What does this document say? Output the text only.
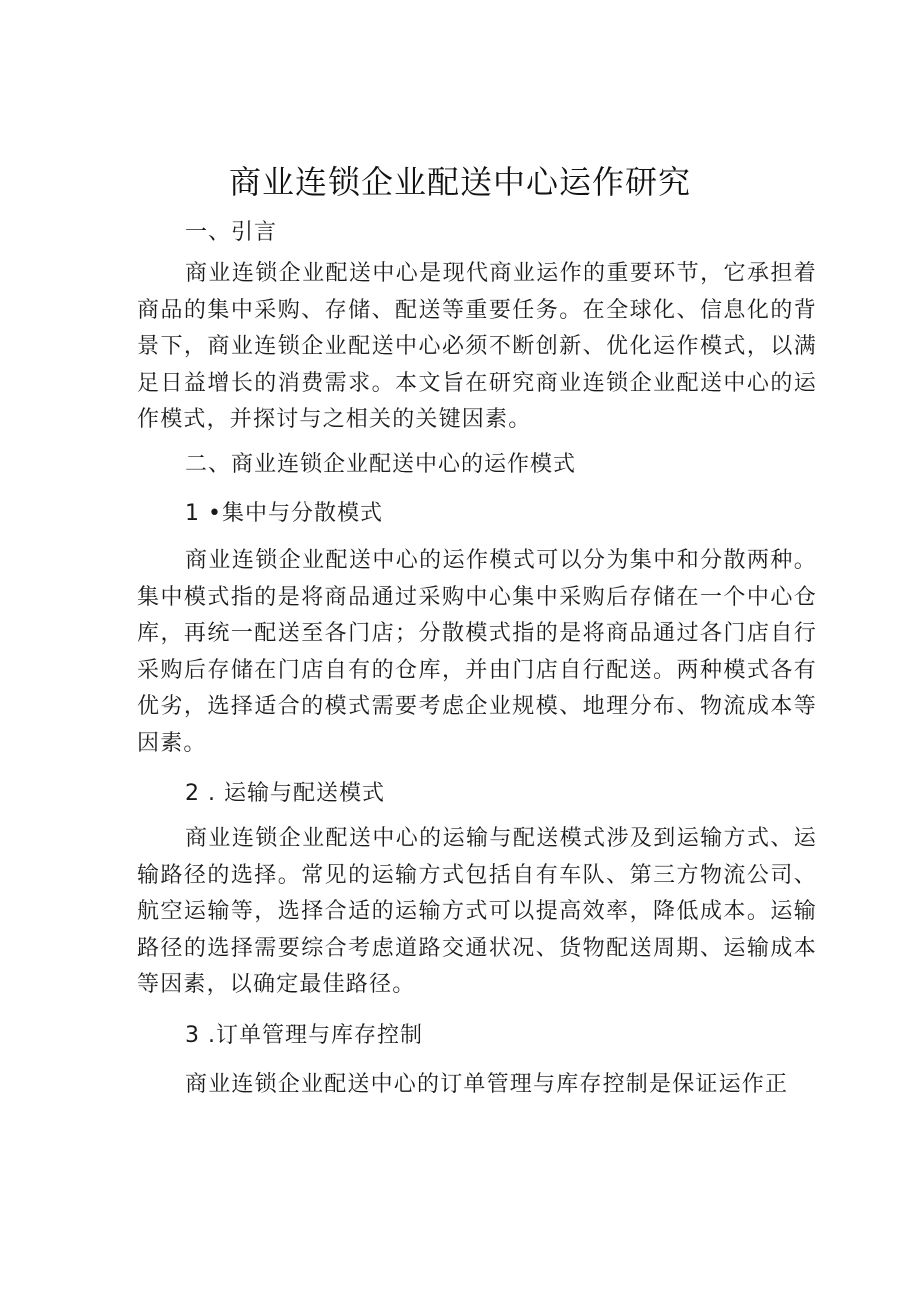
商业连锁企业配送中心运作研究
一、引言
商业连锁企业配送中心是现代商业运作的重要环节，它承担着商品的集中采购、存储、配送等重要任务。在全球化、信息化的背景下，商业连锁企业配送中心必须不断创新、优化运作模式，以满足日益增长的消费需求。本文旨在研究商业连锁企业配送中心的运作模式，并探讨与之相关的关键因素。
二、商业连锁企业配送中心的运作模式
1 •集中与分散模式
商业连锁企业配送中心的运作模式可以分为集中和分散两种。集中模式指的是将商品通过采购中心集中采购后存储在一个中心仓库，再统一配送至各门店；分散模式指的是将商品通过各门店自行采购后存储在门店自有的仓库，并由门店自行配送。两种模式各有优劣，选择适合的模式需要考虑企业规模、地理分布、物流成本等因素。
2 . 运输与配送模式
商业连锁企业配送中心的运输与配送模式涉及到运输方式、运输路径的选择。常见的运输方式包括自有车队、第三方物流公司、航空运输等，选择合适的运输方式可以提高效率，降低成本。运输路径的选择需要综合考虑道路交通状况、货物配送周期、运输成本等因素，以确定最佳路径。
3 .订单管理与库存控制
商业连锁企业配送中心的订单管理与库存控制是保证运作正
